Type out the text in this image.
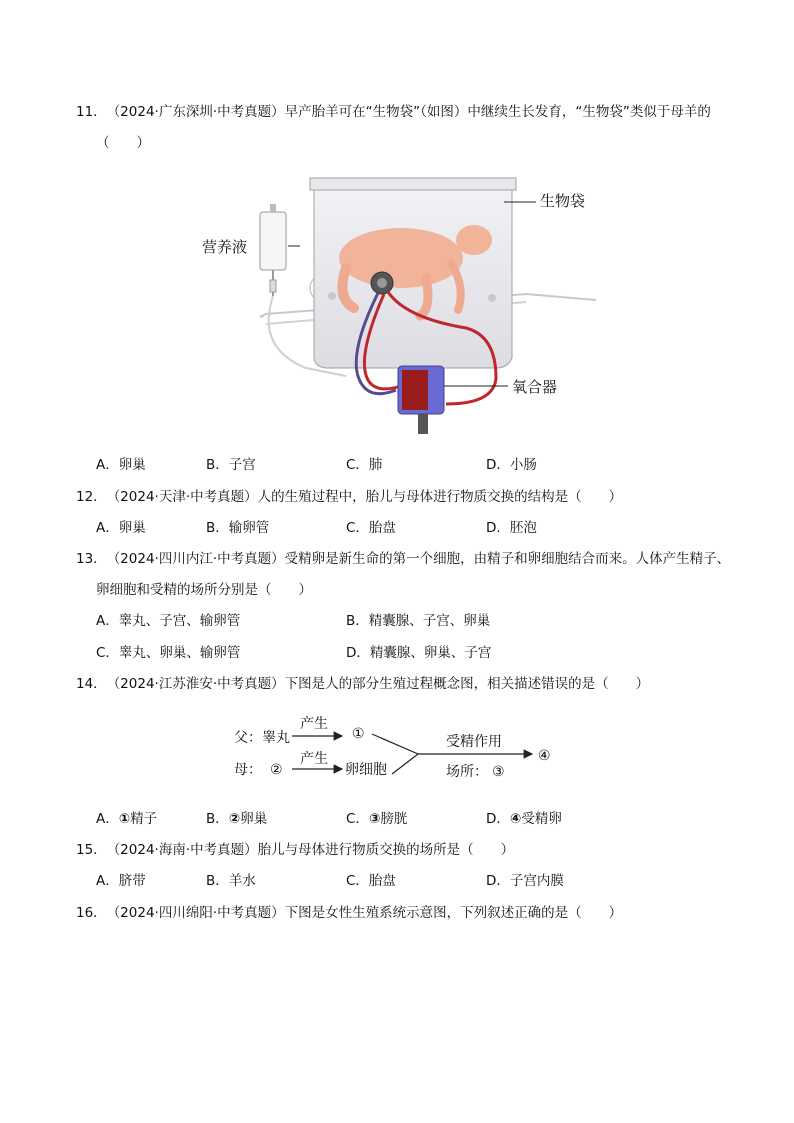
11．（2024·广东深圳·中考真题）早产胎羊可在“生物袋”（如图）中继续生长发育，“生物袋”类似于母羊的
（　　）
生物袋
营养液
氧合器
A．卵巢	B．子宫	C．肺	D．小肠
12．（2024·天津·中考真题）人的生殖过程中，胎儿与母体进行物质交换的结构是（　　）
A．卵巢	B．输卵管	C．胎盘	D．胚泡
13．（2024·四川内江·中考真题）受精卵是新生命的第一个细胞，由精子和卵细胞结合而来。人体产生精子、
卵细胞和受精的场所分别是（　　）
A．睾丸、子宫、输卵管	B．精囊腺、子宫、卵巢
C．睾丸、卵巢、输卵管	D．精囊腺、卵巢、子宫
14．（2024·江苏淮安·中考真题）下图是人的部分生殖过程概念图，相关描述错误的是（　　）
父：睾丸
产生
①
母： ②
产生
卵细胞
受精作用
场所： ③
④
A．①精子	B．②卵巢	C．③膀胱	D．④受精卵
15．（2024·海南·中考真题）胎儿与母体进行物质交换的场所是（　　）
A．脐带	B．羊水	C．胎盘	D．子宫内膜
16．（2024·四川绵阳·中考真题）下图是女性生殖系统示意图，下列叙述正确的是（　　）
